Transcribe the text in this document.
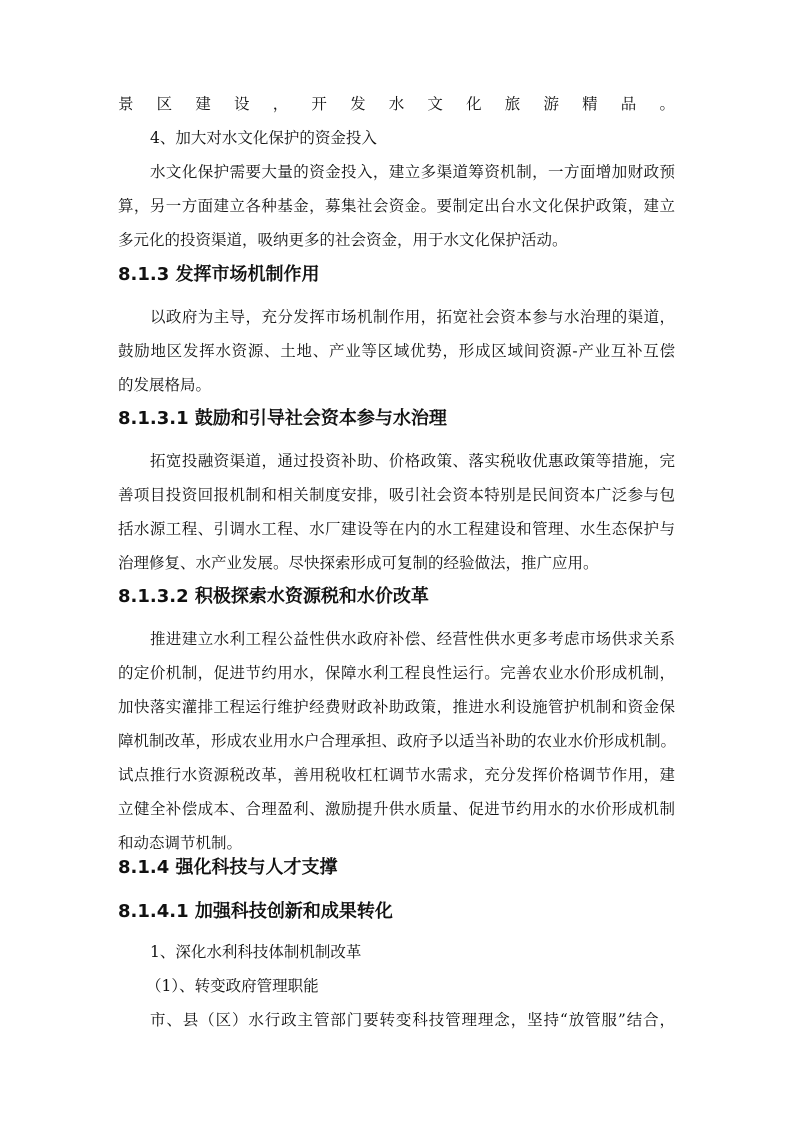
景区建设，开发水文化旅游精品。

4、加大对水文化保护的资金投入

水文化保护需要大量的资金投入，建立多渠道筹资机制，一方面增加财政预

算，另一方面建立各种基金，募集社会资金。要制定出台水文化保护政策，建立

多元化的投资渠道，吸纳更多的社会资金，用于水文化保护活动。

8.1.3 发挥市场机制作用

以政府为主导，充分发挥市场机制作用，拓宽社会资本参与水治理的渠道，

鼓励地区发挥水资源、土地、产业等区域优势，形成区域间资源-产业互补互偿

的发展格局。

8.1.3.1 鼓励和引导社会资本参与水治理

拓宽投融资渠道，通过投资补助、价格政策、落实税收优惠政策等措施，完

善项目投资回报机制和相关制度安排，吸引社会资本特别是民间资本广泛参与包

括水源工程、引调水工程、水厂建设等在内的水工程建设和管理、水生态保护与

治理修复、水产业发展。尽快探索形成可复制的经验做法，推广应用。

8.1.3.2 积极探索水资源税和水价改革

推进建立水利工程公益性供水政府补偿、经营性供水更多考虑市场供求关系

的定价机制，促进节约用水，保障水利工程良性运行。完善农业水价形成机制，

加快落实灌排工程运行维护经费财政补助政策，推进水利设施管护机制和资金保

障机制改革，形成农业用水户合理承担、政府予以适当补助的农业水价形成机制。

试点推行水资源税改革，善用税收杠杠调节水需求，充分发挥价格调节作用，建

立健全补偿成本、合理盈利、激励提升供水质量、促进节约用水的水价形成机制

和动态调节机制。

8.1.4 强化科技与人才支撑
8.1.4.1 加强科技创新和成果转化

1、深化水利科技体制机制改革

（1）、转变政府管理职能

市、县（区）水行政主管部门要转变科技管理理念，坚持“放管服”结合，
